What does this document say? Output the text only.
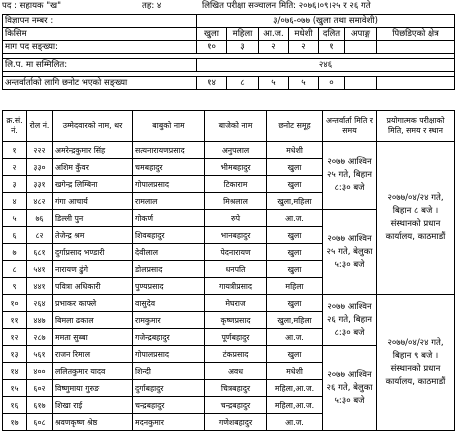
पद : सहायक "ख"	तह: ४	लिखित परीक्षा सञ्चालन मिति: २०७६।०९।२५ र २६ गते
विज्ञापन नम्बर :	३/०७६-०७७ (खुला तथा समावेशी)						
किसिम	खुला	महिला	आ.ज.	मधेशी	दलित	अपाङ्ग	पिछडिएको क्षेत्र
माग पद सङ्ख्या:	१०	३	२	२	१		

लि.प. मा सम्मिलित:	२४६						

अन्तर्वार्ताको लागि छनोट भएको सङ्ख्या	१४	८	५	५	०		
क्र.सं. नं.	रोल नं.	उम्मेदवारको नाम, थर	बाबुको नाम	बाजेको नाम	छनोट समूह	अन्तर्वार्ता मिति र समय	प्रयोगात्मक परीक्षाको मिति, समय र स्थान
१	२२२	अमरेन्द्रकुमार सिंह	सत्यनारायणप्रसाद	अनुपलाल	मधेशी	२०७७ आश्विन २५ गते, बिहान ८:३० बजे	२०७७/०४/२४ गते, बिहान ८ बजे । संस्थानको प्रधान कार्यालय, काठमाडौं
२	३३०	अशिम कुँवर	चमबहादुर	भीमबहादुर	खुला		
३	३३१	खगेन्द्र लिम्बिना	गोपालप्रसाद	टिकाराम	खुला		
४	४८२	गंगा आचार्य	रामलाल	मिश्रलाल	खुला,महिला		
५	७६	डिल्ली पुन	गोकर्ण	रुपे	आ.ज.	२०७७ आश्विन २५ गते, बेलुका ५:३० बजे	
६	८२	तेजेन्द्र श्रम	शिवबहादुर	भानबहादुर	खुला		
७	६८१	दुर्गाप्रसाद भण्डारी	देवीलाल	पेदनारायण	खुला		
८	५४१	नारायण ढुंगे	डोलप्रसाद	धनपति	खुला		
९	४४१	पवित्रा अधिकारी	पुण्यप्रसाद	गायत्रीप्रसाद	महिला		
१०	२६४	प्रभाकर काफ्ले	वासुदेव	मेघराज	खुला	२०७७ आश्विन २६ गते, बिहान ८:३० बजे	२०७७/०४/२४ गते, बिहान ९ बजे । संस्थानको प्रधान कार्यालय, काठमाडौं
११	४४७	बिमला ढकाल	रामकुमार	कृष्णप्रसाद	खुला,महिला		
१२	२८७	ममता सुब्बा	गजेन्द्रबहादुर	पूर्णबहादुर	आ.ज.		
१३	५६१	राजन रिमाल	गोपालप्रसाद	टंकप्रसाद	खुला	२०७७ आश्विन २६ गते, बेलुका ५:३० बजे	
१४	४००	ललितकुमार यादव	शिन्दी	अवध	मधेशी		
१५	६०२	विष्णुमाया गुरुङ	दुर्गाबहादुर	चित्रबहादुर	महिला,आ.ज.		
१६	६१७	शिखा राई	चन्द्रबहादुर	चन्द्रबहादुर	महिला,आ.ज.		
१७	६०८	श्रवणकृष्ण श्रेष्ठ	मदनकुमार	गणेशबहादुर	आ.ज.		
